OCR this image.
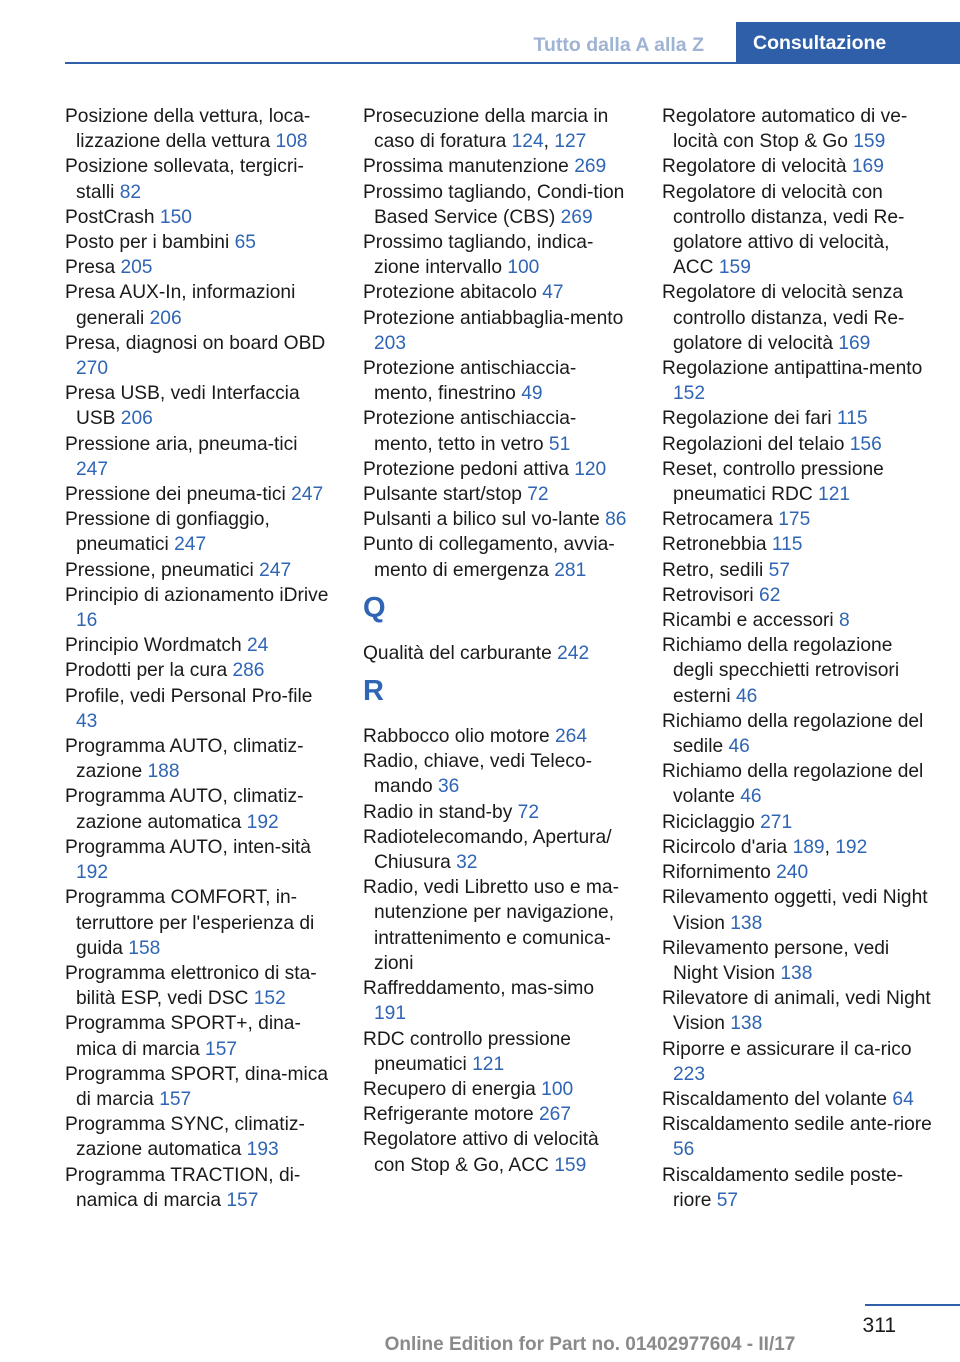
Tutto dalla A alla Z	Consultazione
Posizione della vettura, loca-lizzazione della vettura 108
Posizione sollevata, tergicri-stalli 82
PostCrash 150
Posto per i bambini 65
Presa 205
Presa AUX-In, informazioni generali 206
Presa, diagnosi on board OBD 270
Presa USB, vedi Interfaccia USB 206
Pressione aria, pneuma-tici 247
Pressione dei pneuma-tici 247
Pressione di gonfiaggio, pneumatici 247
Pressione, pneumatici 247
Principio di azionamento iDrive 16
Principio Wordmatch 24
Prodotti per la cura 286
Profile, vedi Personal Pro-file 43
Programma AUTO, climatiz-zazione 188
Programma AUTO, climatiz-zazione automatica 192
Programma AUTO, inten-sità 192
Programma COMFORT, in-terruttore per l'esperienza di guida 158
Programma elettronico di sta-bilità ESP, vedi DSC 152
Programma SPORT+, dina-mica di marcia 157
Programma SPORT, dina-mica di marcia 157
Programma SYNC, climatiz-zazione automatica 193
Programma TRACTION, di-namica di marcia 157
Prosecuzione della marcia in caso di foratura 124, 127
Prossima manutenzione 269
Prossimo tagliando, Condi-tion Based Service (CBS) 269
Prossimo tagliando, indica-zione intervallo 100
Protezione abitacolo 47
Protezione antiabbaglia-mento 203
Protezione antischiaccia-mento, finestrino 49
Protezione antischiaccia-mento, tetto in vetro 51
Protezione pedoni attiva 120
Pulsante start/stop 72
Pulsanti a bilico sul vo-lante 86
Punto di collegamento, avvia-mento di emergenza 281
Q
Qualità del carburante 242
R
Rabbocco olio motore 264
Radio, chiave, vedi Teleco-mando 36
Radio in stand-by 72
Radiotelecomando, Apertura/ Chiusura 32
Radio, vedi Libretto uso e ma-nutenzione per navigazione, intrattenimento e comunica-zioni
Raffreddamento, mas-simo 191
RDC controllo pressione pneumatici 121
Recupero di energia 100
Refrigerante motore 267
Regolatore attivo di velocità con Stop & Go, ACC 159
Regolatore automatico di ve-locità con Stop & Go 159
Regolatore di velocità 169
Regolatore di velocità con controllo distanza, vedi Re-golatore attivo di velocità, ACC 159
Regolatore di velocità senza controllo distanza, vedi Re-golatore di velocità 169
Regolazione antipattina-mento 152
Regolazione dei fari 115
Regolazioni del telaio 156
Reset, controllo pressione pneumatici RDC 121
Retrocamera 175
Retronebbia 115
Retro, sedili 57
Retrovisori 62
Ricambi e accessori 8
Richiamo della regolazione degli specchietti retrovisori esterni 46
Richiamo della regolazione del sedile 46
Richiamo della regolazione del volante 46
Riciclaggio 271
Ricircolo d'aria 189, 192
Rifornimento 240
Rilevamento oggetti, vedi Night Vision 138
Rilevamento persone, vedi Night Vision 138
Rilevatore di animali, vedi Night Vision 138
Riporre e assicurare il ca-rico 223
Riscaldamento del volante 64
Riscaldamento sedile ante-riore 56
Riscaldamento sedile poste-riore 57
311
Online Edition for Part no. 01402977604 - II/17
